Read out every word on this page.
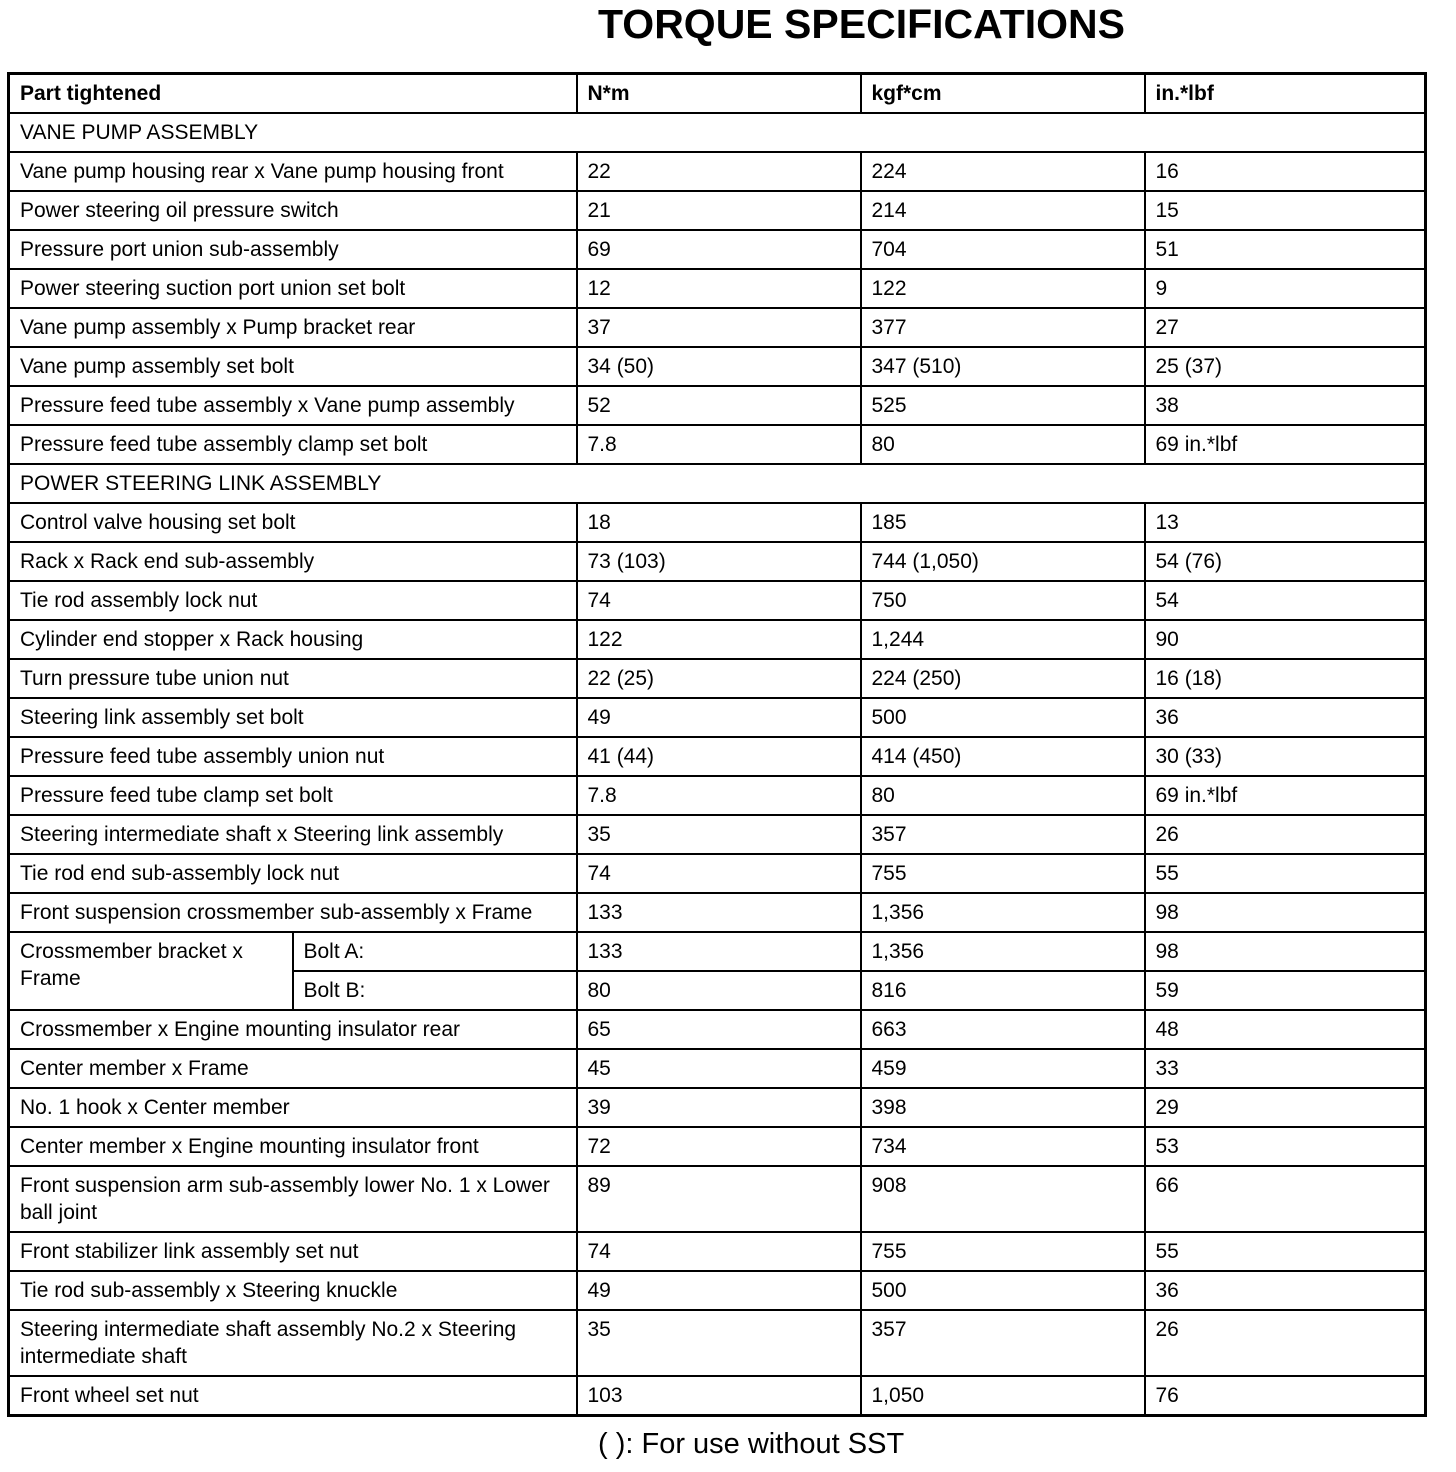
TORQUE SPECIFICATIONS
Part tightened		N*m	kgf*cm	in.*lbf
VANE PUMP ASSEMBLY				
Vane pump housing rear x Vane pump housing front		22	224	16
Power steering oil pressure switch		21	214	15
Pressure port union sub-assembly		69	704	51
Power steering suction port union set bolt		12	122	9
Vane pump assembly x Pump bracket rear		37	377	27
Vane pump assembly set bolt		34 (50)	347 (510)	25 (37)
Pressure feed tube assembly x Vane pump assembly		52	525	38
Pressure feed tube assembly clamp set bolt		7.8	80	69 in.*lbf
POWER STEERING LINK ASSEMBLY				
Control valve housing set bolt		18	185	13
Rack x Rack end sub-assembly		73 (103)	744 (1,050)	54 (76)
Tie rod assembly lock nut		74	750	54
Cylinder end stopper x Rack housing		122	1,244	90
Turn pressure tube union nut		22 (25)	224 (250)	16 (18)
Steering link assembly set bolt		49	500	36
Pressure feed tube assembly union nut		41 (44)	414 (450)	30 (33)
Pressure feed tube clamp set bolt		7.8	80	69 in.*lbf
Steering intermediate shaft x Steering link assembly		35	357	26
Tie rod end sub-assembly lock nut		74	755	55
Front suspension crossmember sub-assembly x Frame		133	1,356	98
Crossmember bracket x Frame	Bolt A:	133	1,356	98
	Bolt B:	80	816	59
Crossmember x Engine mounting insulator rear		65	663	48
Center member x Frame		45	459	33
No. 1 hook x Center member		39	398	29
Center member x Engine mounting insulator front		72	734	53
Front suspension arm sub-assembly lower No. 1 x Lower ball joint		89	908	66
Front stabilizer link assembly set nut		74	755	55
Tie rod sub-assembly x Steering knuckle		49	500	36
Steering intermediate shaft assembly No.2 x Steering intermediate shaft		35	357	26
Front wheel set nut		103	1,050	76
( ): For use without SST
